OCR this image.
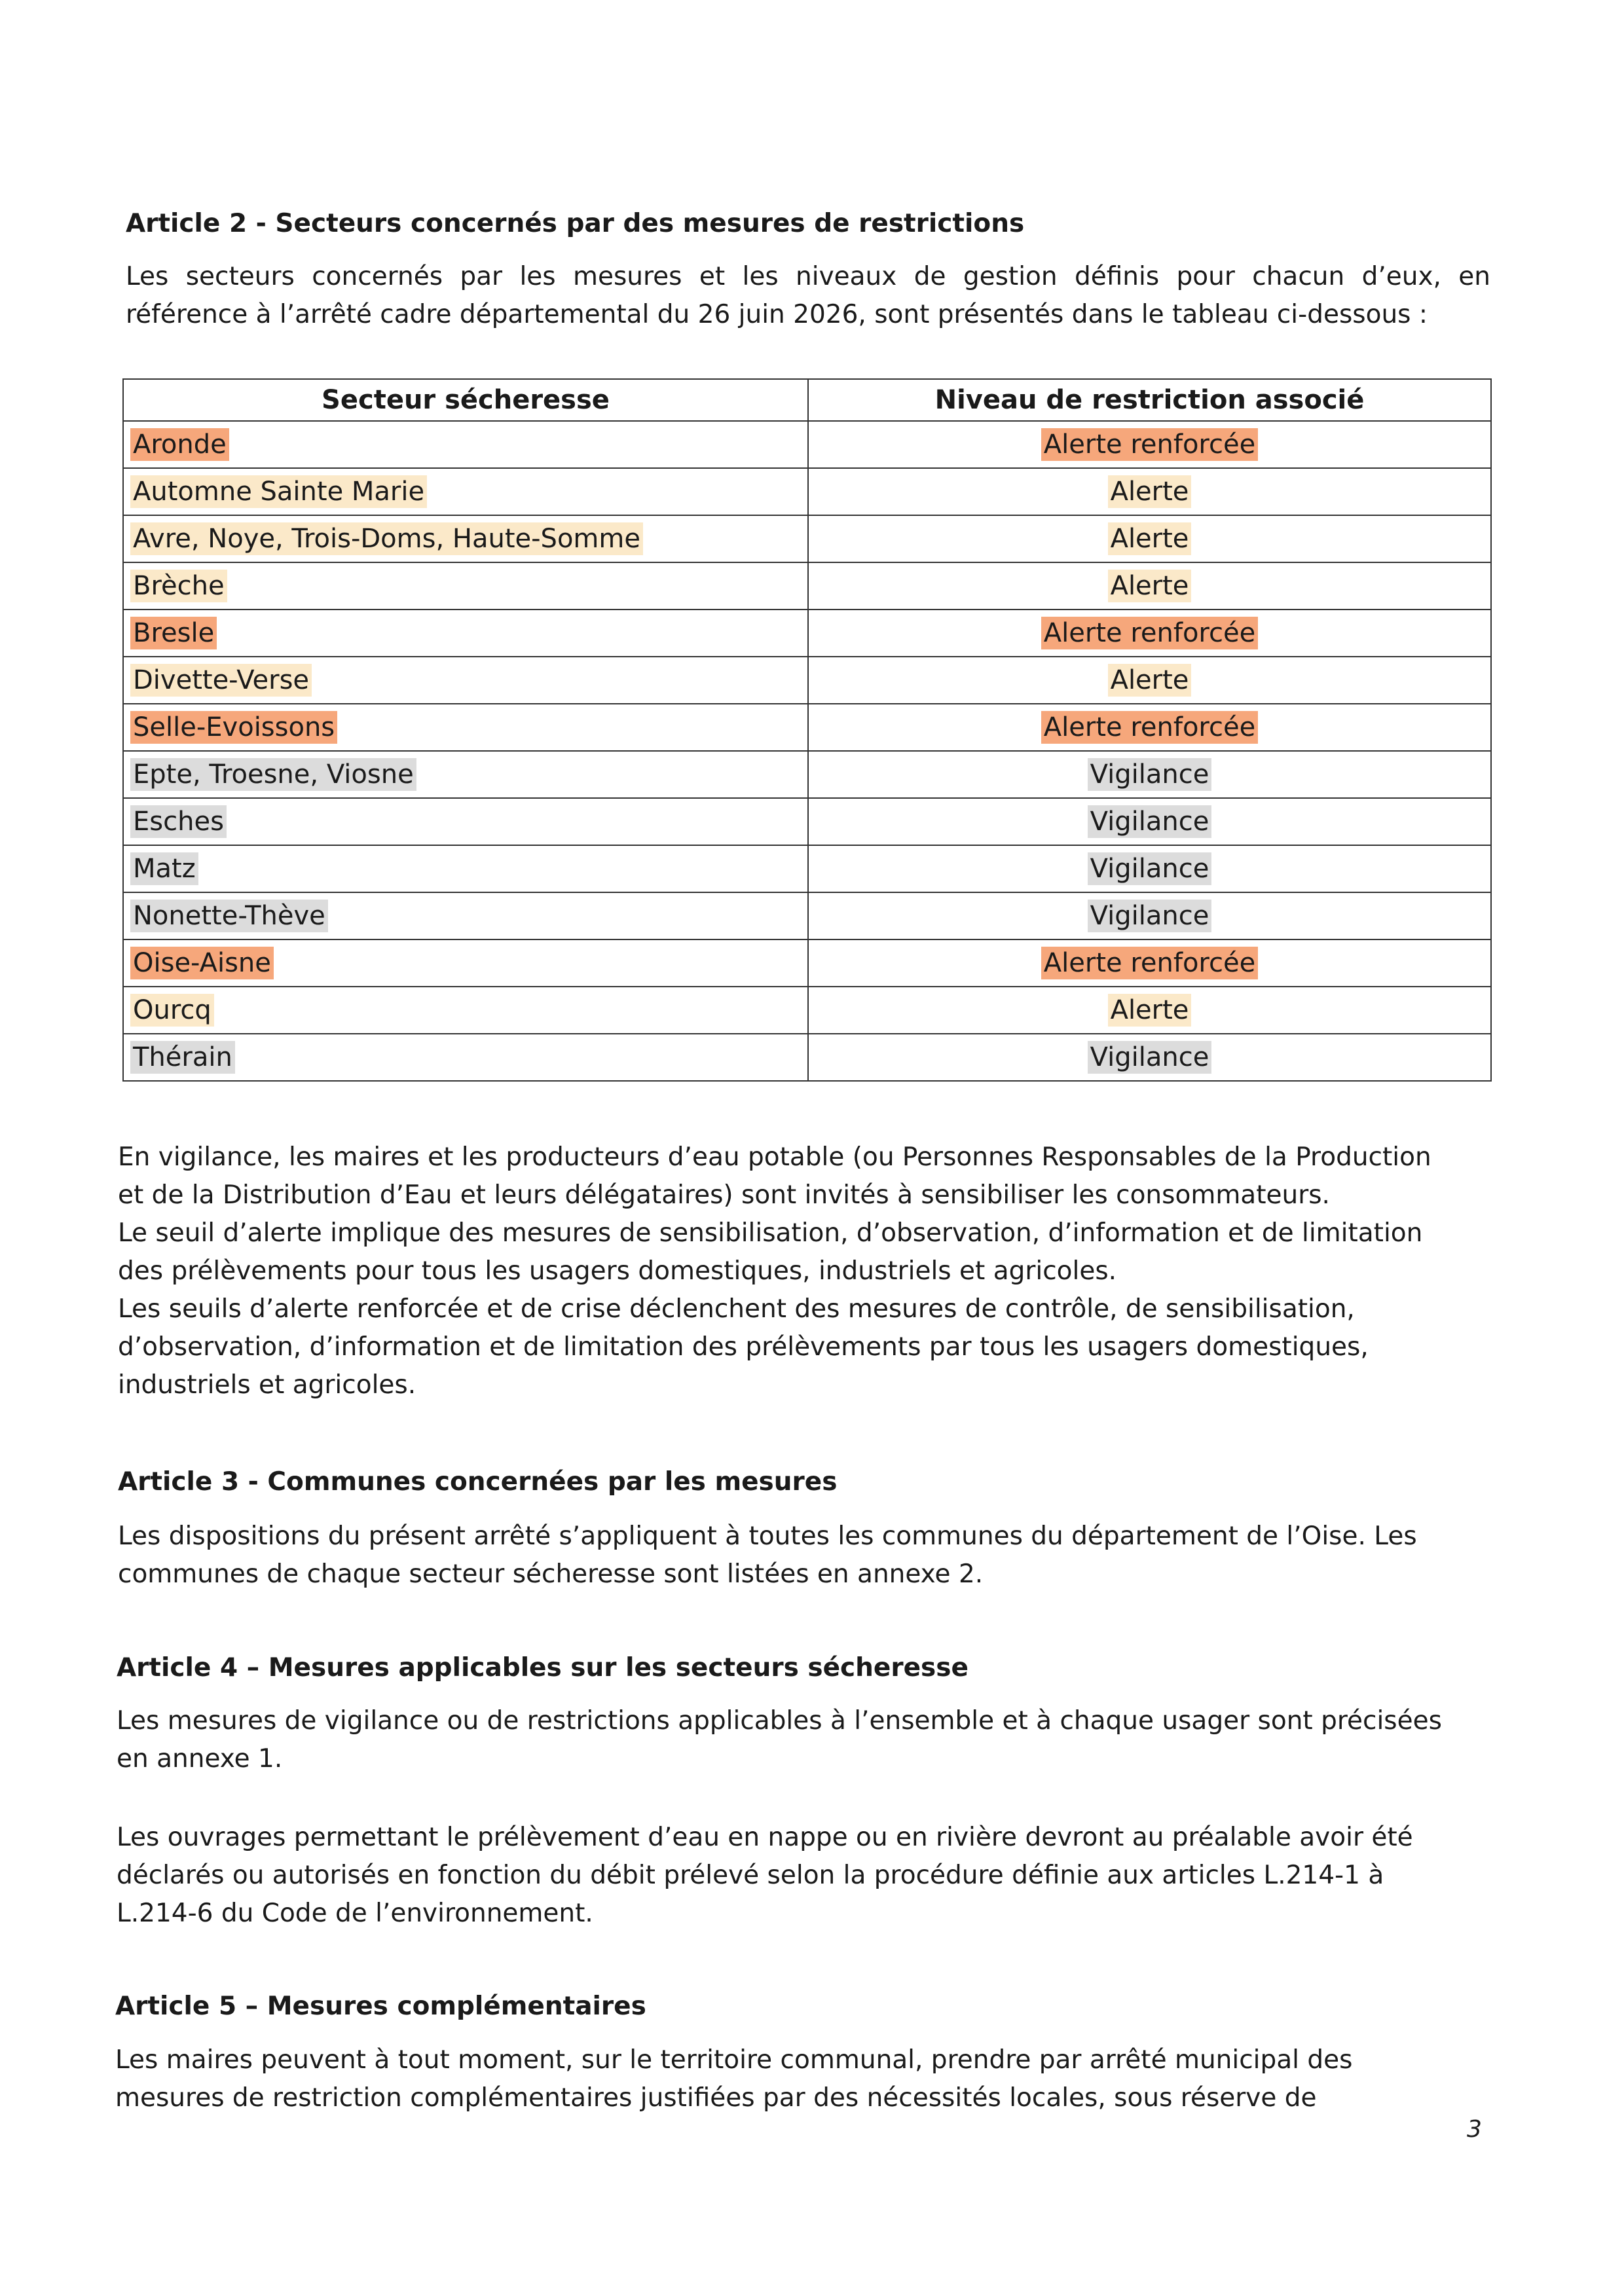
Article 2 - Secteurs concernés par des mesures de restrictions
Les secteurs concernés par les mesures et les niveaux de gestion définis pour chacun d’eux, en
référence à l’arrêté cadre départemental du 26 juin 2026, sont présentés dans le tableau ci-dessous :
Secteur sécheresse	Niveau de restriction associé
Aronde	Alerte renforcée
Automne Sainte Marie	Alerte
Avre, Noye, Trois-Doms, Haute-Somme	Alerte
Brèche	Alerte
Bresle	Alerte renforcée
Divette-Verse	Alerte
Selle-Evoissons	Alerte renforcée
Epte, Troesne, Viosne	Vigilance
Esches	Vigilance
Matz	Vigilance
Nonette-Thève	Vigilance
Oise-Aisne	Alerte renforcée
Ourcq	Alerte
Thérain	Vigilance
En vigilance, les maires et les producteurs d’eau potable (ou Personnes Responsables de la Production
et de la Distribution d’Eau et leurs délégataires) sont invités à sensibiliser les consommateurs.
Le seuil d’alerte implique des mesures de sensibilisation, d’observation, d’information et de limitation
des prélèvements pour tous les usagers domestiques, industriels et agricoles.
Les seuils d’alerte renforcée et de crise déclenchent des mesures de contrôle, de sensibilisation,
d’observation, d’information et de limitation des prélèvements par tous les usagers domestiques,
industriels et agricoles.
Article 3 - Communes concernées par les mesures
Les dispositions du présent arrêté s’appliquent à toutes les communes du département de l’Oise. Les
communes de chaque secteur sécheresse sont listées en annexe 2.
Article 4 – Mesures applicables sur les secteurs sécheresse
Les mesures de vigilance ou de restrictions applicables à l’ensemble et à chaque usager sont précisées
en annexe 1.
Les ouvrages permettant le prélèvement d’eau en nappe ou en rivière devront au préalable avoir été
déclarés ou autorisés en fonction du débit prélevé selon la procédure définie aux articles L.214-1 à
L.214-6 du Code de l’environnement.
Article 5 – Mesures complémentaires
Les maires peuvent à tout moment, sur le territoire communal, prendre par arrêté municipal des
mesures de restriction complémentaires justifiées par des nécessités locales, sous réserve de
3
